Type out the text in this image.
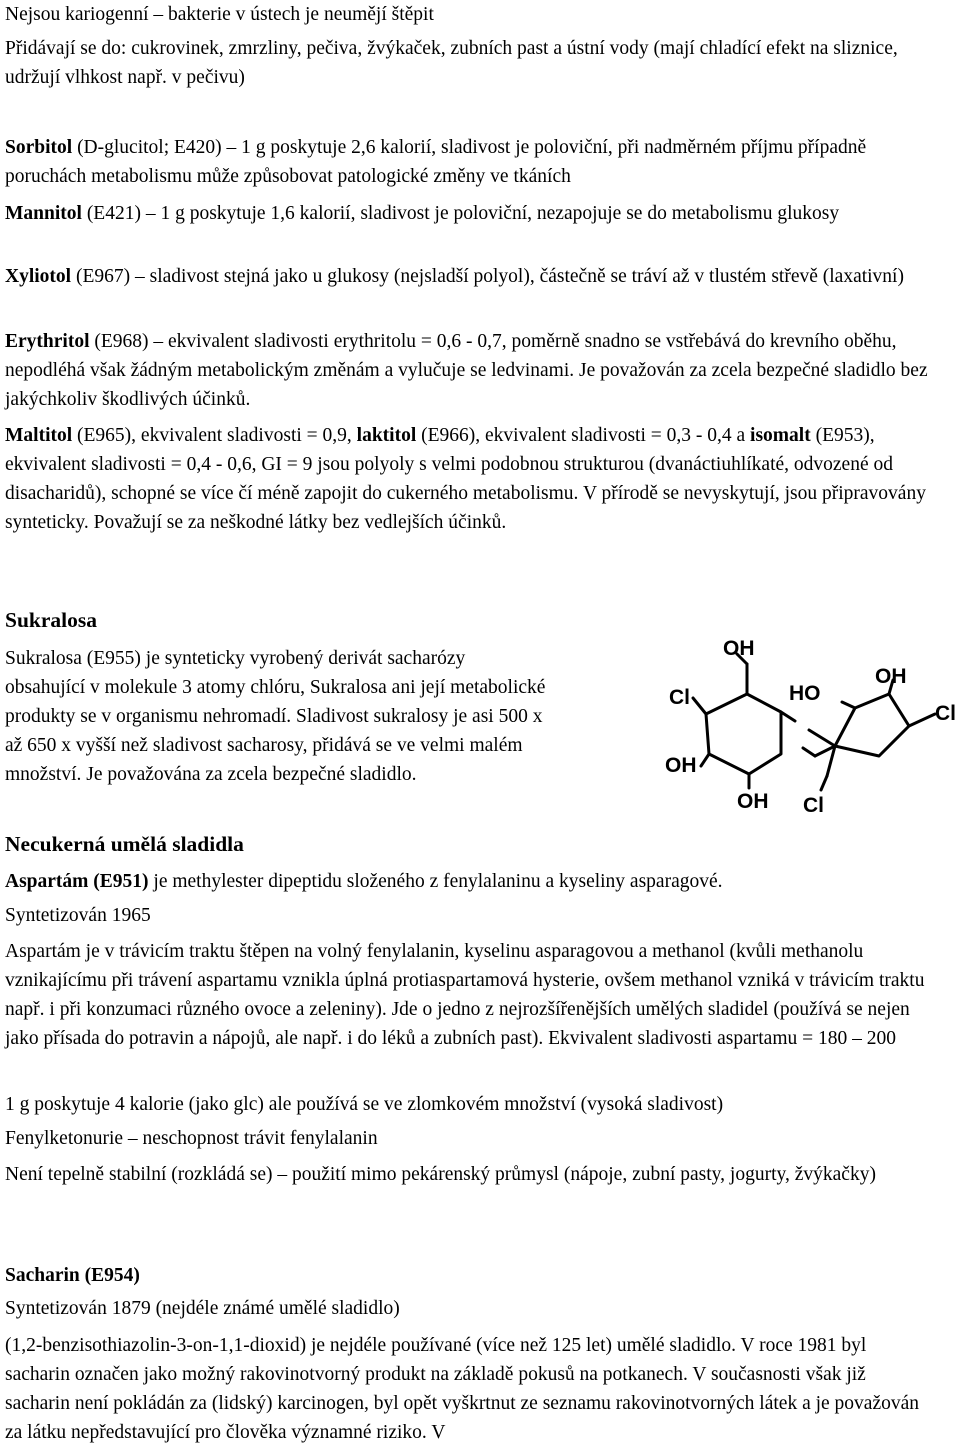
Nejsou kariogenní – bakterie v ústech je neumějí štěpit

Přidávají se do: cukrovinek, zmrzliny, pečiva, žvýkaček, zubních past a ústní vody (mají chladící efekt na sliznice, udržují vlhkost např. v pečivu)

Sorbitol (D-glucitol; E420) – 1 g poskytuje 2,6 kalorií, sladivost je poloviční, při nadměrném příjmu případně poruchách metabolismu může způsobovat patologické změny ve tkáních

Mannitol (E421) – 1 g poskytuje 1,6 kalorií, sladivost je poloviční, nezapojuje se do metabolismu glukosy

Xyliotol (E967) – sladivost stejná jako u glukosy (nejsladší polyol), částečně se tráví až v tlustém střevě (laxativní)

Erythritol (E968) – ekvivalent sladivosti erythritolu = 0,6 - 0,7, poměrně snadno se vstřebává do krevního oběhu, nepodléhá však žádným metabolickým změnám a vylučuje se ledvinami. Je považován za zcela bezpečné sladidlo bez jakýchkoliv škodlivých účinků.

Maltitol (E965), ekvivalent sladivosti = 0,9, laktitol (E966), ekvivalent sladivosti = 0,3 - 0,4 a isomalt (E953), ekvivalent sladivosti = 0,4 - 0,6, GI = 9 jsou polyoly s velmi podobnou strukturou (dvanáctiuhlíkaté, odvozené od disacharidů), schopné se více čí méně zapojit do cukerného metabolismu. V přírodě se nevyskytují, jsou připravovány synteticky. Považují se za neškodné látky bez vedlejších účinků.

Sukralosa
Sukralosa (E955) je synteticky vyrobený derivát sacharózy
obsahující v molekule 3 atomy chlóru, Sukralosa ani její metabolické
produkty se v organismu nehromadí. Sladivost sukralosy je asi 500 x
až 650 x vyšší než sladivost sacharosy, přidává se ve velmi malém
množství. Je považována za zcela bezpečné sladidlo.
OH
Cl	HO
OH
Cl
OH
OH Cl
Necukerná umělá sladidla

Aspartám (E951) je methylester dipeptidu složeného z fenylalaninu a kyseliny asparagové.

Syntetizován 1965

Aspartám je v trávicím traktu štěpen na volný fenylalanin, kyselinu asparagovou a methanol (kvůli methanolu vznikajícímu při trávení aspartamu vznikla úplná protiaspartamová hysterie, ovšem methanol vzniká v trávicím traktu např. i při konzumaci různého ovoce a zeleniny). Jde o jedno z nejrozšířenějších umělých sladidel (používá se nejen jako přísada do potravin a nápojů, ale např. i do léků a zubních past). Ekvivalent sladivosti aspartamu = 180 – 200

1 g poskytuje 4 kalorie (jako glc) ale používá se ve zlomkovém množství (vysoká sladivost)

Fenylketonurie – neschopnost trávit fenylalanin

Není tepelně stabilní (rozkládá se) – použití mimo pekárenský průmysl (nápoje, zubní pasty, jogurty, žvýkačky)

Sacharin (E954)

Syntetizován 1879 (nejdéle známé umělé sladidlo)

(1,2-benzisothiazolin-3-on-1,1-dioxid) je nejdéle používané (více než 125 let) umělé sladidlo. V roce 1981 byl sacharin označen jako možný rakovinotvorný produkt na základě pokusů na potkanech. V současnosti však již sacharin není pokládán za (lidský) karcinogen, byl opět vyškrtnut ze seznamu rakovinotvorných látek a je považován za látku nepředstavující pro člověka významné riziko. V
